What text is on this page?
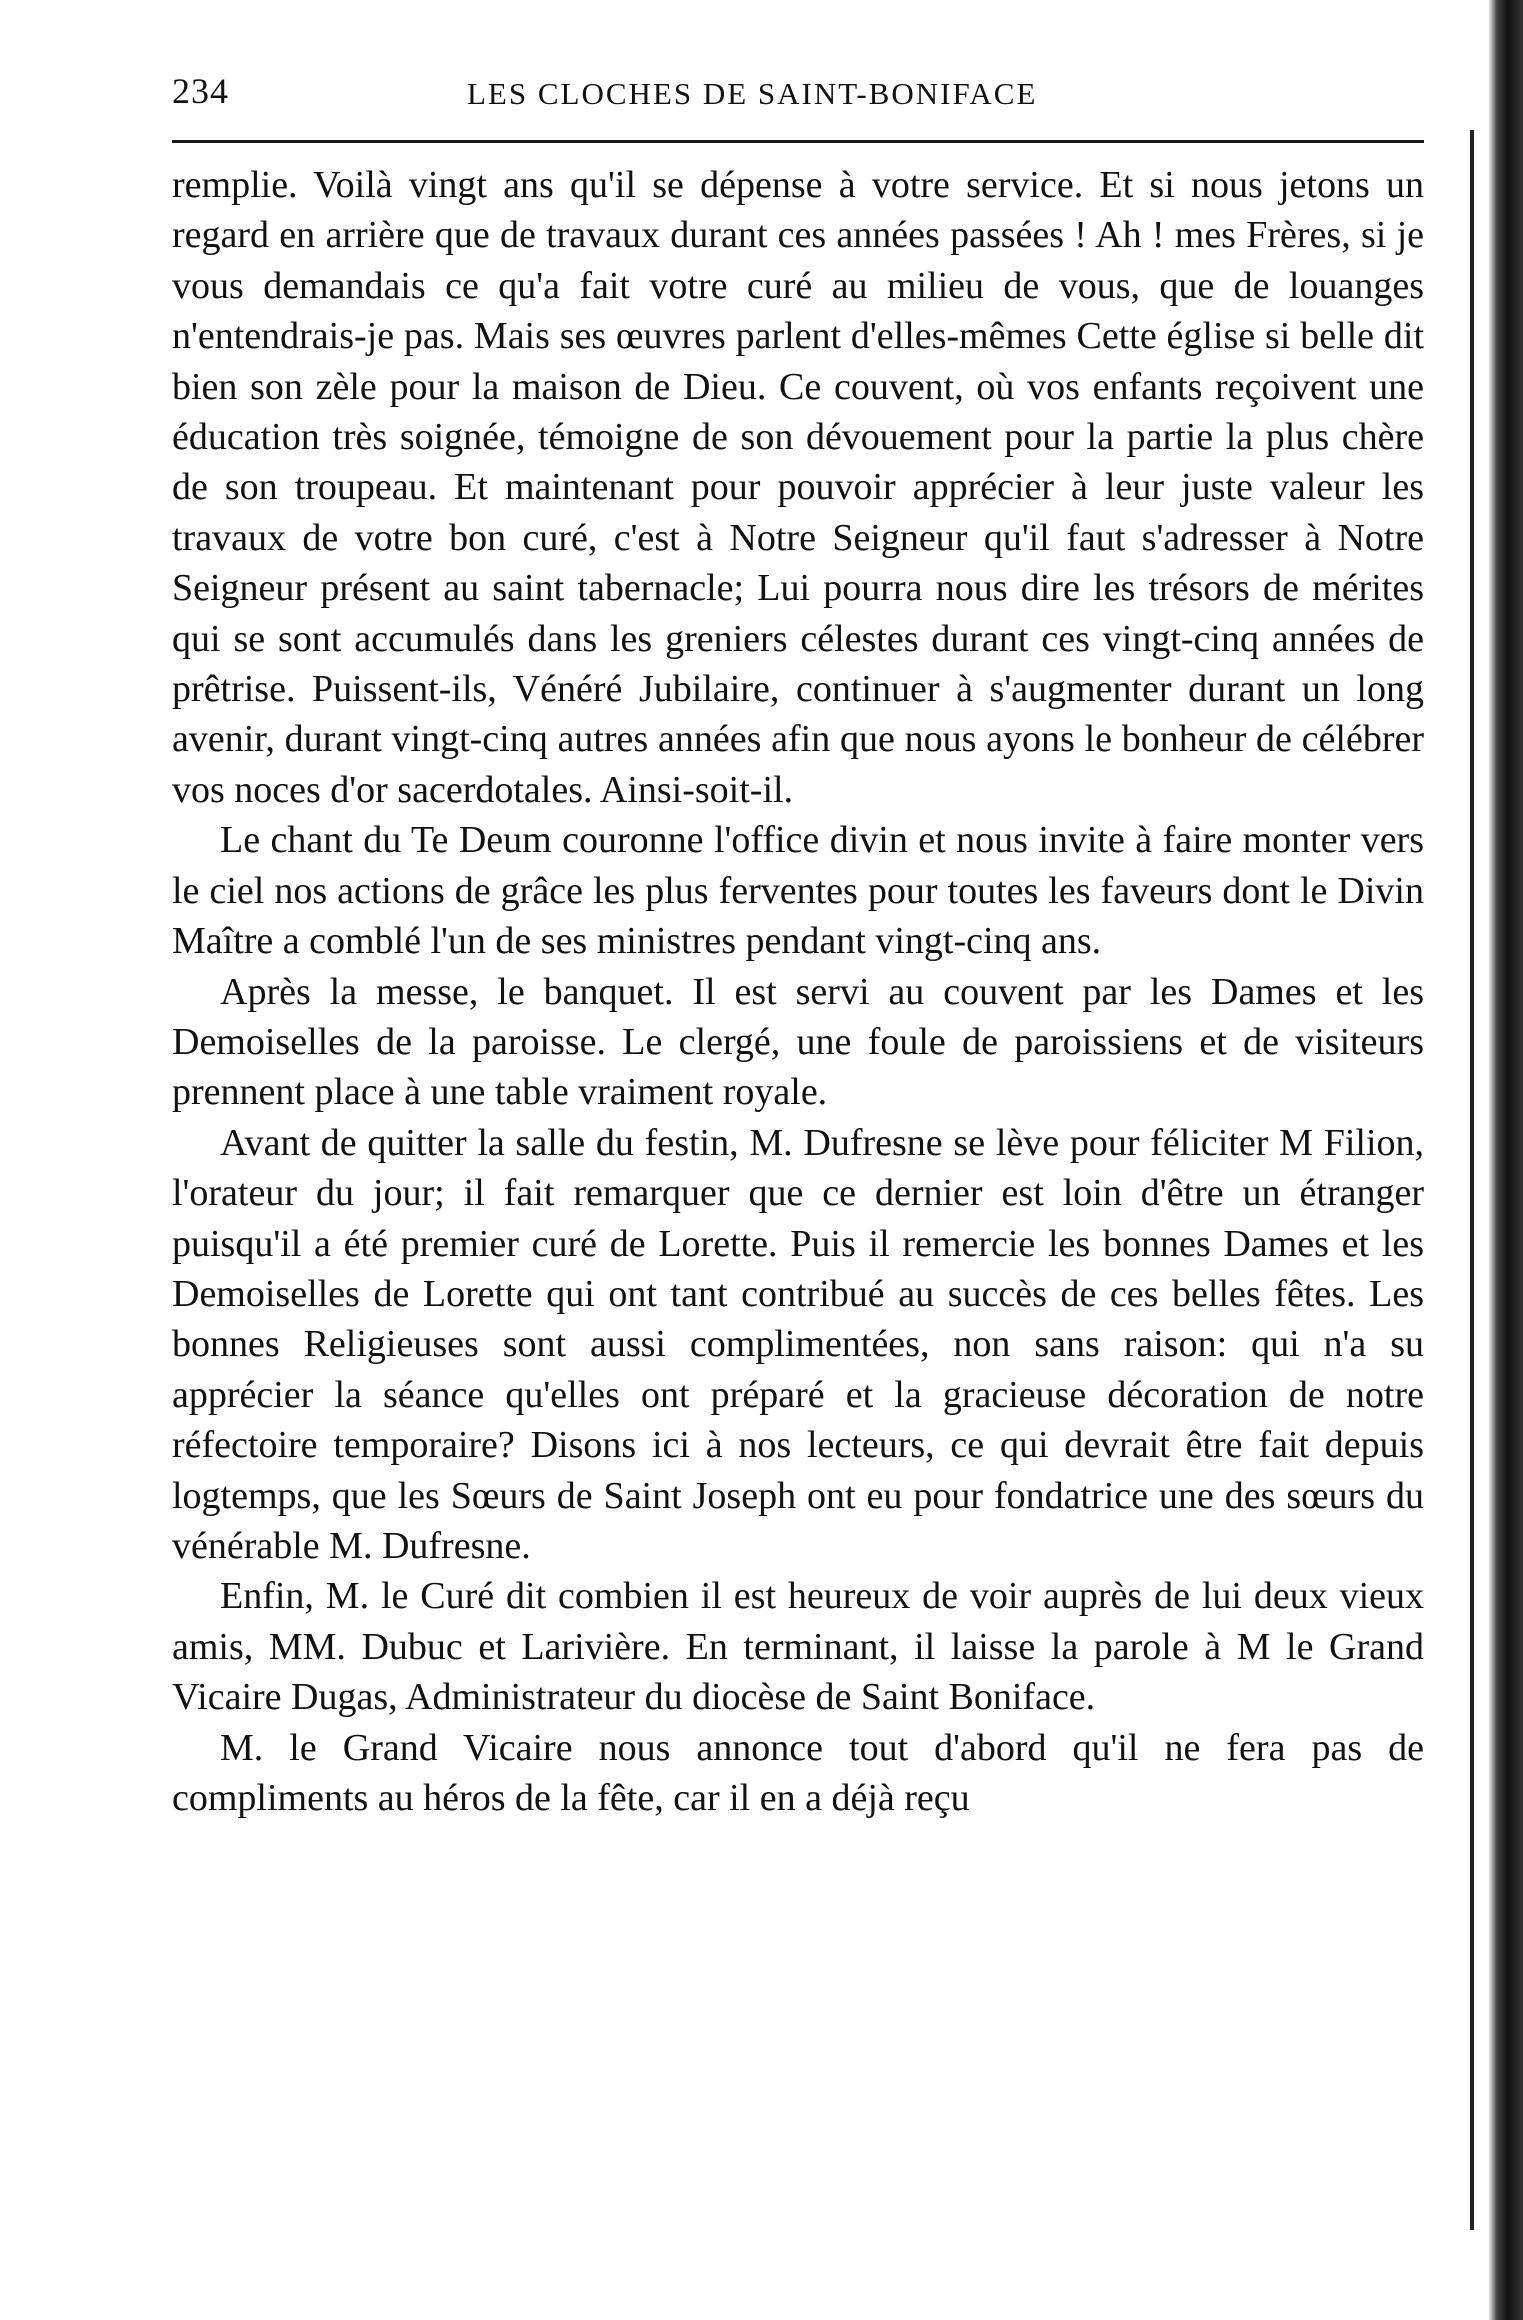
234	LES CLOCHES DE SAINT-BONIFACE

remplie. Voilà vingt ans qu'il se dépense à votre service. Et si nous jetons un regard en arrière que de travaux durant ces années passées ! Ah ! mes Frères, si je vous demandais ce qu'a fait votre curé au milieu de vous, que de louanges n'entendrais-je pas. Mais ses œuvres parlent d'elles-mêmes Cette église si belle dit bien son zèle pour la maison de Dieu. Ce couvent, où vos enfants reçoivent une éducation très soignée, témoigne de son dévouement pour la partie la plus chère de son troupeau. Et maintenant pour pouvoir apprécier à leur juste valeur les travaux de votre bon curé, c'est à Notre Seigneur qu'il faut s'adresser à Notre Seigneur présent au saint tabernacle; Lui pourra nous dire les trésors de mérites qui se sont accumulés dans les greniers célestes durant ces vingt-cinq années de prêtrise. Puissent-ils, Vénéré Jubilaire, continuer à s'augmenter durant un long avenir, durant vingt-cinq autres années afin que nous ayons le bonheur de célébrer vos noces d'or sacerdotales. Ainsi-soit-il.

Le chant du Te Deum couronne l'office divin et nous invite à faire monter vers le ciel nos actions de grâce les plus ferventes pour toutes les faveurs dont le Divin Maître a comblé l'un de ses ministres pendant vingt-cinq ans.

Après la messe, le banquet. Il est servi au couvent par les Dames et les Demoiselles de la paroisse. Le clergé, une foule de paroissiens et de visiteurs prennent place à une table vraiment royale.

Avant de quitter la salle du festin, M. Dufresne se lève pour féliciter M Filion, l'orateur du jour; il fait remarquer que ce dernier est loin d'être un étranger puisqu'il a été premier curé de Lorette. Puis il remercie les bonnes Dames et les Demoiselles de Lorette qui ont tant contribué au succès de ces belles fêtes. Les bonnes Religieuses sont aussi complimentées, non sans raison: qui n'a su apprécier la séance qu'elles ont préparé et la gracieuse décoration de notre réfectoire temporaire? Disons ici à nos lecteurs, ce qui devrait être fait depuis logtemps, que les Sœurs de Saint Joseph ont eu pour fondatrice une des sœurs du vénérable M. Dufresne.

Enfin, M. le Curé dit combien il est heureux de voir auprès de lui deux vieux amis, MM. Dubuc et Larivière. En terminant, il laisse la parole à M le Grand Vicaire Dugas, Administrateur du diocèse de Saint Boniface.

M. le Grand Vicaire nous annonce tout d'abord qu'il ne fera pas de compliments au héros de la fête, car il en a déjà reçu
